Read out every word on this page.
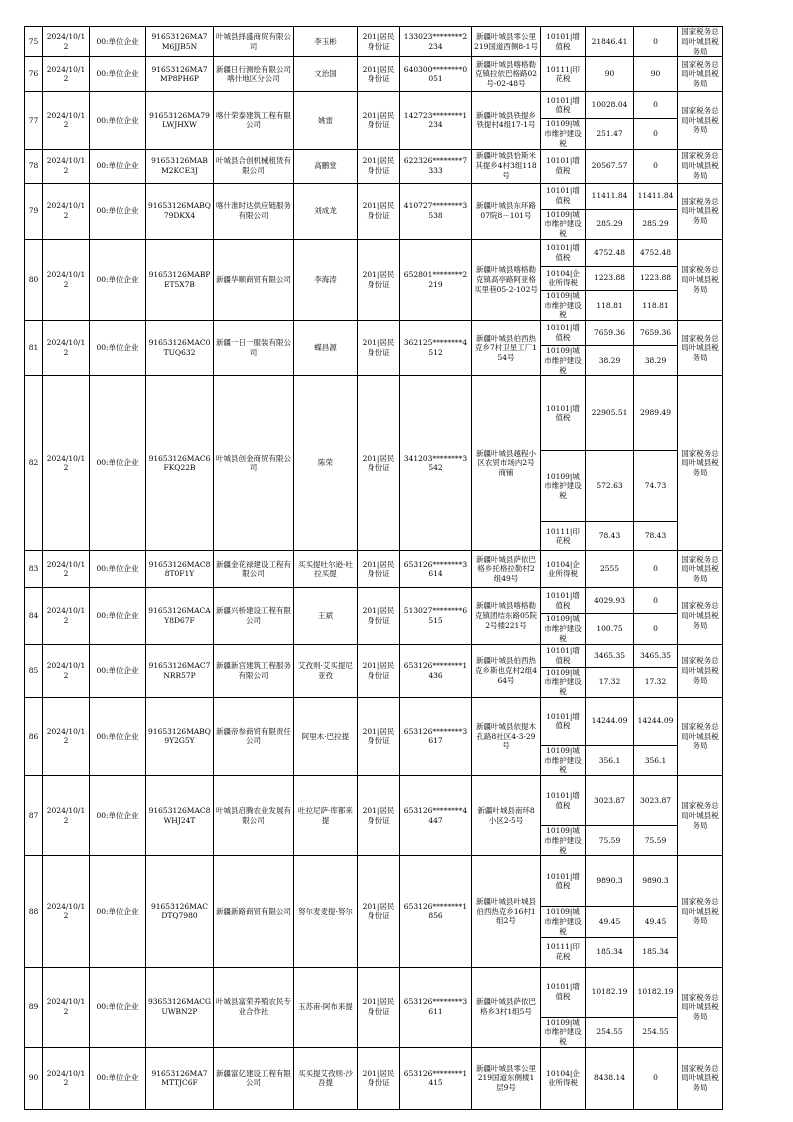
75	2024/10/12	00:单位企业	91653126MA7M6JJB5N	叶城县择盛商贸有限公司	李玉彬	201|居民身份证	133023********2234	新疆叶城县零公里219国道西侧8-1号	10101|增值税	21846.41	0	国家税务总局叶城县税务局
76	2024/10/12	00:单位企业	91653126MA7MP8PH6P	新疆日行测绘有限公司喀什地区分公司	文治国	201|居民身份证	640300********0051	新疆叶城县喀格勒克镇拉依巴格路02号-02-48号	10111|印花税	90	90	国家税务总局叶城县税务局
77	2024/10/12	00:单位企业	91653126MA79LWJHXW	喀什荣泰建筑工程有限公司	姚雷	201|居民身份证	142723********1234	新疆叶城县铁提乡铁提村4组17-1号	10101|增值税	10028.04	0	国家税务总局叶城县税务局
									10109|城市维护建设税	251.47	0	
78	2024/10/12	00:单位企业	91653126MABM2KCE3J	叶城县合创机械租赁有限公司	高鹏堂	201|居民身份证	622326********7333	新疆叶城县恰斯米其提乡4村3组118号	10101|增值税	20567.57	0	国家税务总局叶城县税务局
79	2024/10/12	00:单位企业	91653126MABQ79DKX4	喀什准时达供应链服务有限公司	刘成龙	201|居民身份证	410727********3538	新疆叶城县东环路07院8－101号	10101|增值税	11411.84	11411.84	国家税务总局叶城县税务局
									10109|城市维护建设税	285.29	285.29	
80	2024/10/12	00:单位企业	91653126MABPET5X7B	新疆华顺商贸有限公司	李海涛	201|居民身份证	652801********2219	新疆叶城县喀格勒克镇高亭路阿亚格买里巷05-2-102号	10101|增值税	4752.48	4752.48	国家税务总局叶城县税务局
									10104|企业所得税	1223.88	1223.88	
									10109|城市维护建设税	118.81	118.81	
81	2024/10/12	00:单位企业	91653126MAC0TUQ632	新疆一日一服装有限公司	蝶昌源	201|居民身份证	362125********4512	新疆叶城县伯西热克乡7村卫星工厂154号	10101|增值税	7659.36	7659.36	国家税务总局叶城县税务局
									10109|城市维护建设税	38.29	38.29	
82	2024/10/12	00:单位企业	91653126MAC6FKQ22B	叶城县创金商贸有限公司	陈荣	201|居民身份证	341203********3542	新疆叶城县越程小区农贸市场内2号商铺	10101|增值税	22905.51	2989.49	国家税务总局叶城县税务局
									10109|城市维护建设税	572.63	74.73	
									10111|印花税	78.43	78.43	
83	2024/10/12	00:单位企业	91653126MAC88T0F1Y	新疆金花禄建设工程有限公司	买买提吐尔逊·吐拉买提	201|居民身份证	653126********3614	新疆叶城县萨依巴格乡托格拉勒村2组49号	10104|企业所得税	2555	0	国家税务总局叶城县税务局
84	2024/10/12	00:单位企业	91653126MACAY8D67F	新疆兴桥建设工程有限公司	王斌	201|居民身份证	513027********6515	新疆叶城县喀格勒克镇团结东路05院2号楼221号	10101|增值税	4029.93	0	国家税务总局叶城县税务局
									10109|城市维护建设税	100.75	0	
85	2024/10/12	00:单位企业	91653126MAC7NRR57P	新疆新宫建筑工程服务有限公司	艾孜则·艾买提尼亚孜	201|居民身份证	653126********1436	新疆叶城县伯西热克乡斯也克村2组464号	10101|增值税	3465.35	3465.35	国家税务总局叶城县税务局
									10109|城市维护建设税	17.32	17.32	
86	2024/10/12	00:单位企业	91653126MABQ9Y2G5Y	新疆帝参商贸有限责任公司	阿里木·巴拉提	201|居民身份证	653126********3617	新疆叶城县依提木孔路8社区4-3-29号	10101|增值税	14244.09	14244.09	国家税务总局叶城县税务局
									10109|城市维护建设税	356.1	356.1	
87	2024/10/12	00:单位企业	91653126MAC8WHJ24T	叶城县启腾农业发展有限公司	吐拉尼萨·库都来提	201|居民身份证	653126********4447	新疆叶城县南环8小区2-5号	10101|增值税	3023.87	3023.87	国家税务总局叶城县税务局
									10109|城市维护建设税	75.59	75.59	
88	2024/10/12	00:单位企业	91653126MACDTQ7980	新疆新路商贸有限公司	努尔麦麦提·努尔	201|居民身份证	653126********1856	新疆叶城县叶城县伯西热克乡16村1组2号	10101|增值税	9890.3	9890.3	国家税务总局叶城县税务局
									10109|城市维护建设税	49.45	49.45	
									10111|印花税	185.34	185.34	
89	2024/10/12	00:单位企业	93653126MACGUWBN2P	叶城县富荣养殖农民专业合作社	玉苏甫·阿布来提	201|居民身份证	653126********3611	新疆叶城县萨依巴格乡3村1组5号	10101|增值税	10182.19	10182.19	国家税务总局叶城县税务局
									10109|城市维护建设税	254.55	254.55	
90	2024/10/12	00:单位企业	91653126MA7MTTJC6F	新疆富亿建设工程有限公司	买买提艾孜则·沙吾提	201|居民身份证	653126********1415	新疆叶城县零公里219国道东侧楼1层9号	10104|企业所得税	8438.14	0	国家税务总局叶城县税务局
